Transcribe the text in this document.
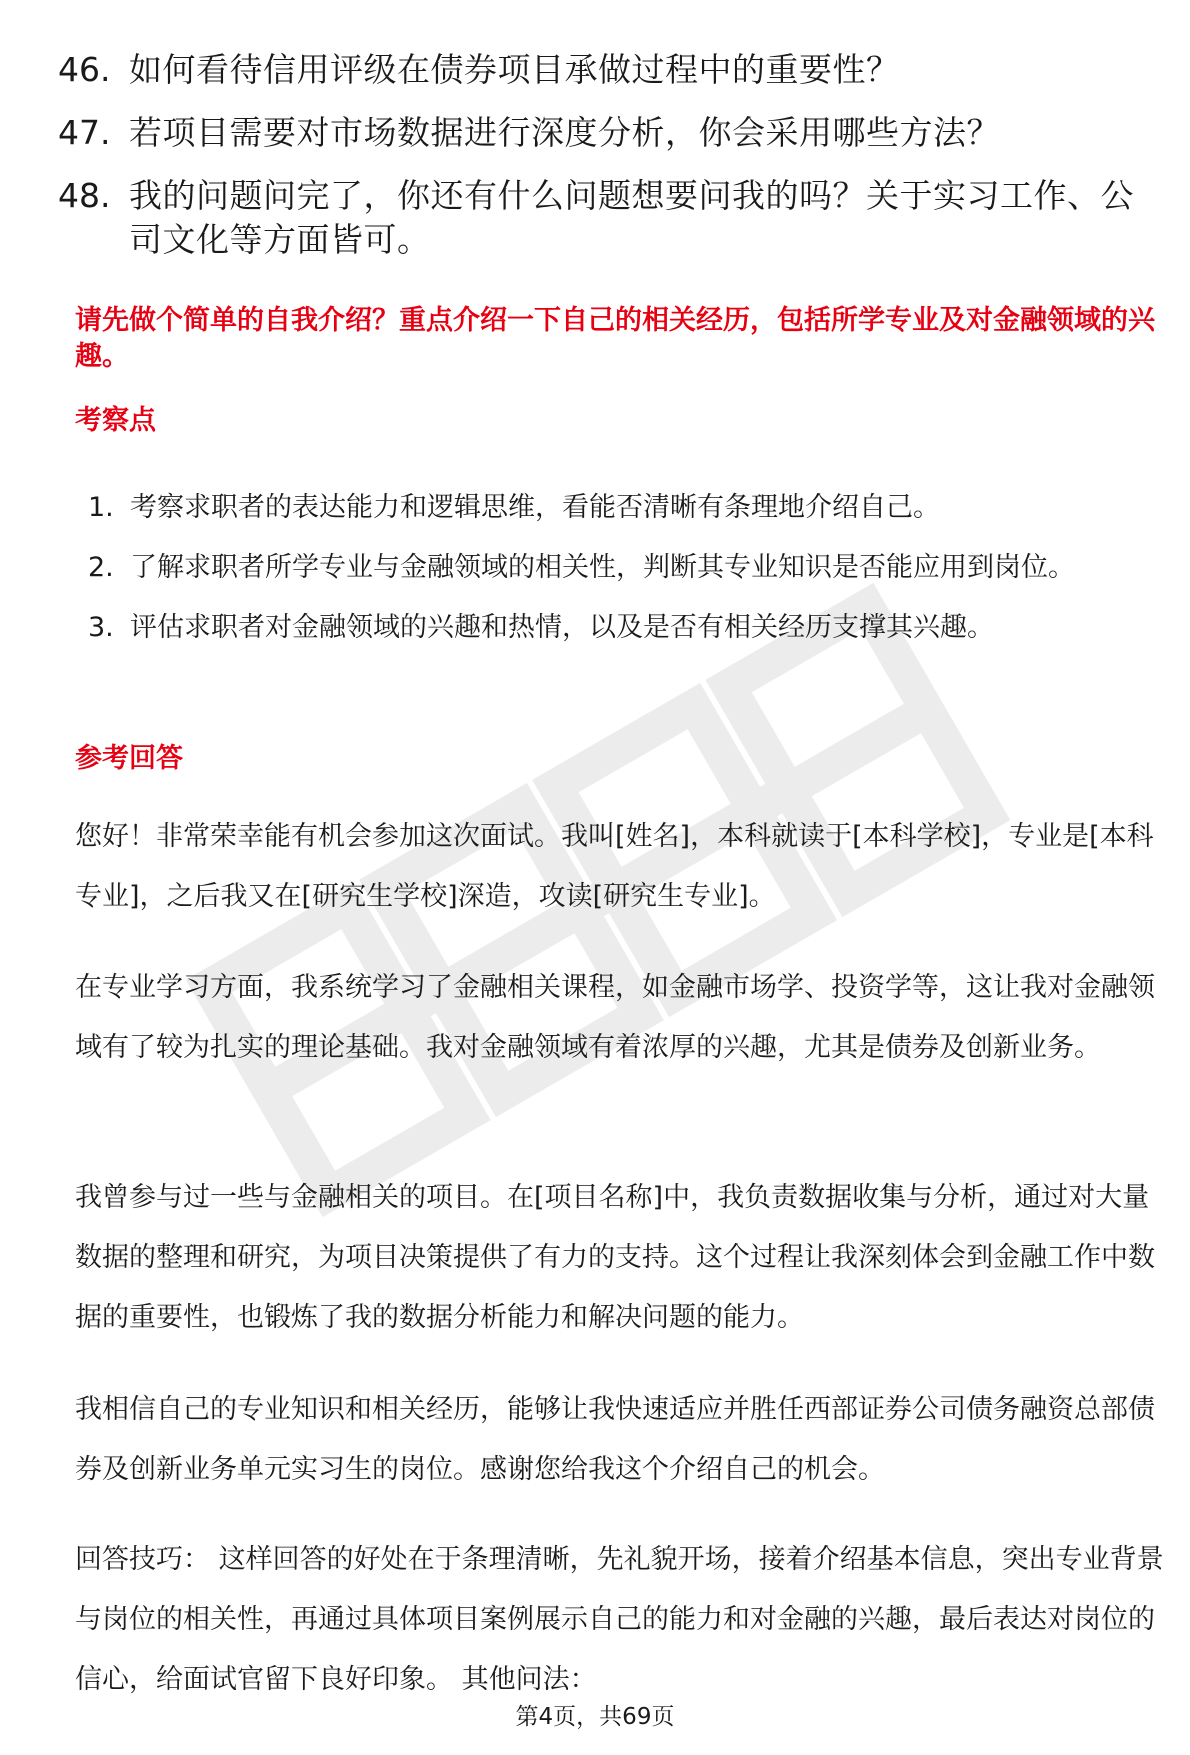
46. 如何看待信用评级在债券项目承做过程中的重要性？
47. 若项目需要对市场数据进行深度分析，你会采用哪些方法？
48. 我的问题问完了，你还有什么问题想要问我的吗？关于实习工作、公司文化等方面皆可。
请先做个简单的自我介绍？重点介绍一下自己的相关经历，包括所学专业及对金融领域的兴趣。
考察点
1. 考察求职者的表达能力和逻辑思维，看能否清晰有条理地介绍自己。
2. 了解求职者所学专业与金融领域的相关性，判断其专业知识是否能应用到岗位。
3. 评估求职者对金融领域的兴趣和热情，以及是否有相关经历支撑其兴趣。
参考回答
您好！非常荣幸能有机会参加这次面试。我叫[姓名]，本科就读于[本科学校]，专业是[本科专业]，之后我又在[研究生学校]深造，攻读[研究生专业]。
在专业学习方面，我系统学习了金融相关课程，如金融市场学、投资学等，这让我对金融领域有了较为扎实的理论基础。我对金融领域有着浓厚的兴趣，尤其是债券及创新业务。
我曾参与过一些与金融相关的项目。在[项目名称]中，我负责数据收集与分析，通过对大量数据的整理和研究，为项目决策提供了有力的支持。这个过程让我深刻体会到金融工作中数据的重要性，也锻炼了我的数据分析能力和解决问题的能力。
我相信自己的专业知识和相关经历，能够让我快速适应并胜任西部证券公司债务融资总部债券及创新业务单元实习生的岗位。感谢您给我这个介绍自己的机会。
回答技巧： 这样回答的好处在于条理清晰，先礼貌开场，接着介绍基本信息，突出专业背景与岗位的相关性，再通过具体项目案例展示自己的能力和对金融的兴趣，最后表达对岗位的信心，给面试官留下良好印象。 其他问法：
第4页，共69页
